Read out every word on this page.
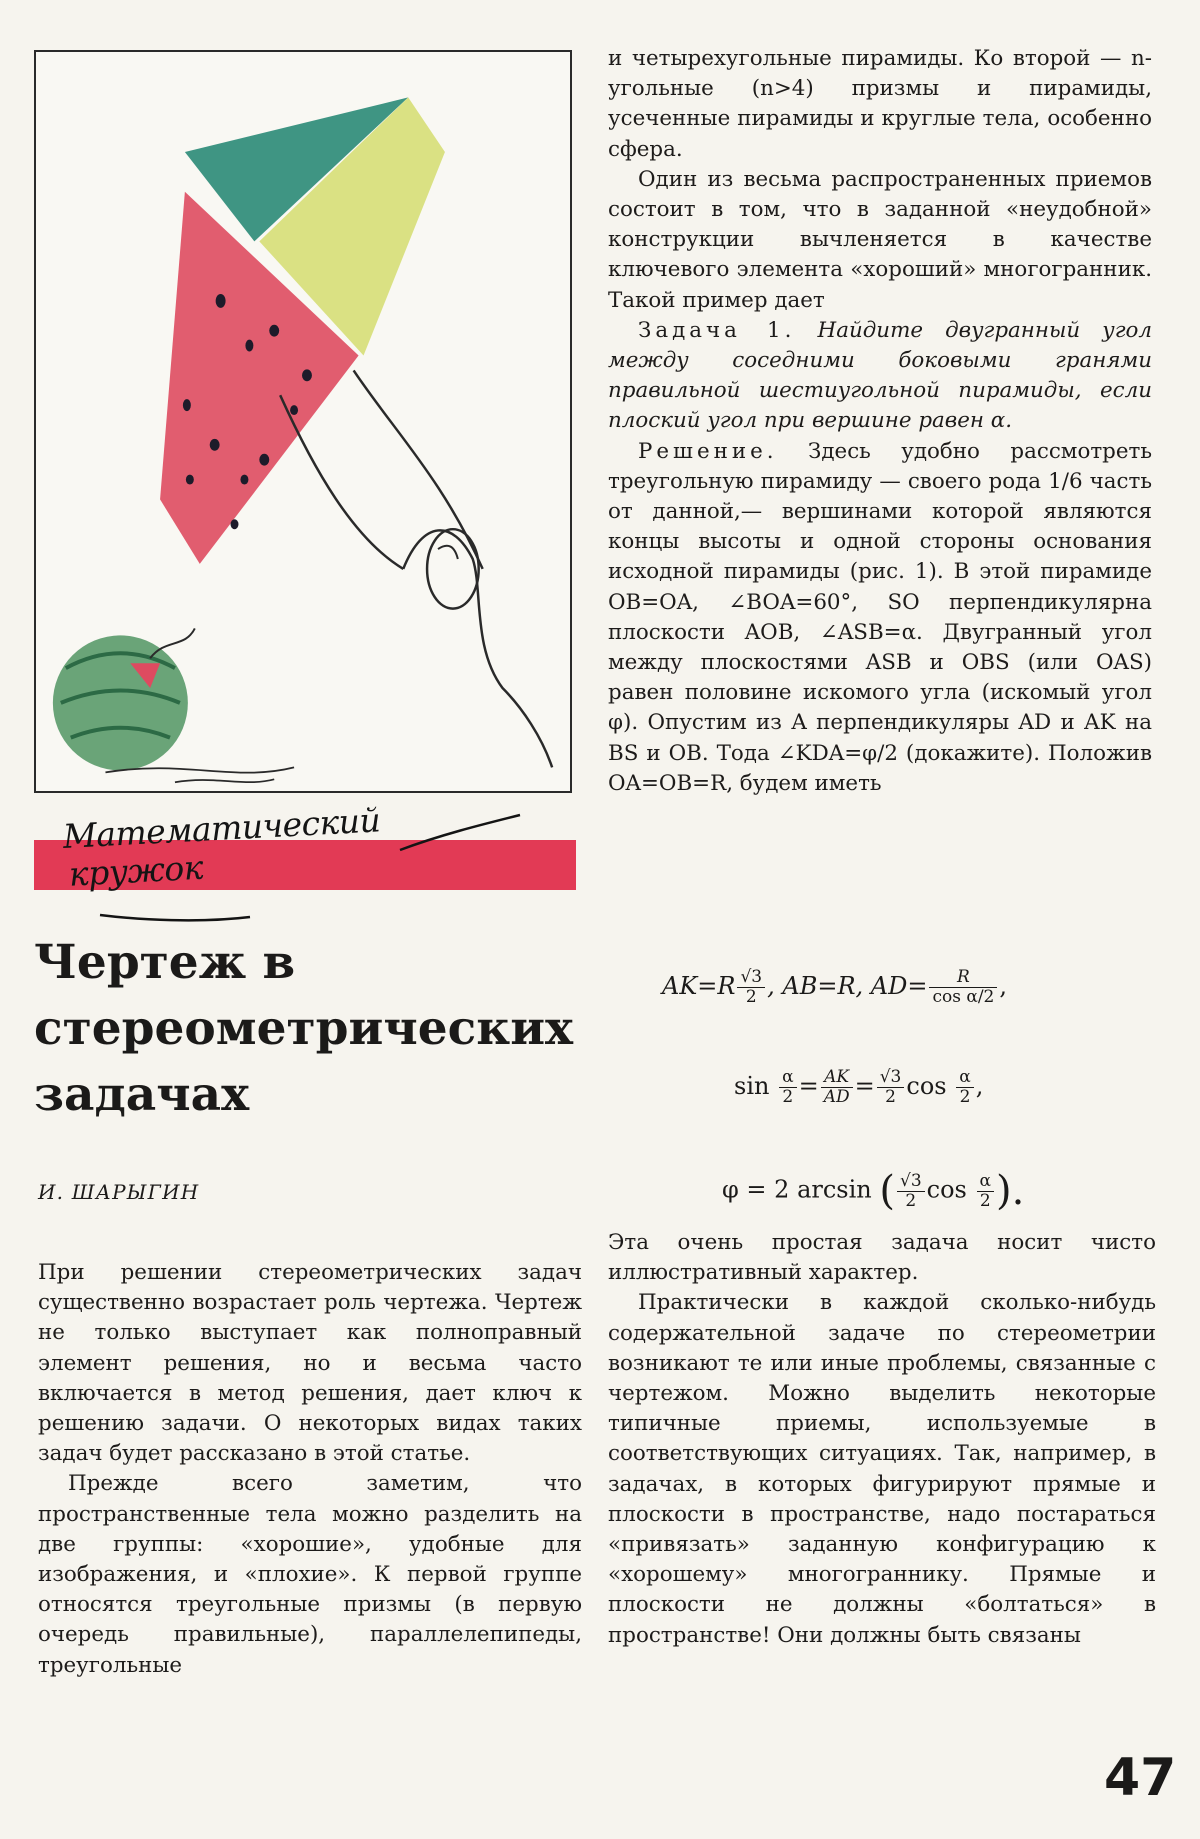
Математический
кружок
Чертеж в
стереометрических
задачах
И. ШАРЫГИН

При решении стереометрических задач существенно возрастает роль чертежа. Чертеж не только выступает как полноправный элемент решения, но и весьма часто включается в метод решения, дает ключ к решению задачи. О некоторых видах таких задач будет рассказано в этой статье.

Прежде всего заметим, что пространственные тела можно разделить на две группы: «хорошие», удобные для изображения, и «плохие». К первой группе относятся треугольные призмы (в первую очередь правильные), параллелепипеды, треугольные

и четырехугольные пирамиды. Ко второй — n-угольные (n>4) призмы и пирамиды, усеченные пирамиды и круглые тела, особенно сфера.

Один из весьма распространенных приемов состоит в том, что в заданной «неудобной» конструкции вычленяется в качестве ключевого элемента «хороший» многогранник. Такой пример дает

Задача 1. Найдите двугранный угол между соседними боковыми гранями правильной шестиугольной пирамиды, если плоский угол при вершине равен α.

Решение. Здесь удобно рассмотреть треугольную пирамиду — своего рода 1/6 часть от данной,— вершинами которой являются концы высоты и одной стороны основания исходной пирамиды (рис. 1). В этой пирамиде OB=OA, ∠BOA=60°, SO перпендикулярна плоскости AOB, ∠ASB=α. Двугранный угол между плоскостями ASB и OBS (или OAS) равен половине искомого угла (искомый угол φ). Опустим из A перпендикуляры AD и AK на BS и OB. Тода ∠KDA=φ/2 (докажите). Положив OA=OB=R, будем иметь

$AK=R \frac{√3}{2}$ , AB=R, $AD= \frac{R}{\text{cos α/2}}$ ,
$\sin \frac{\alpha}{2} = \frac{AK}{AD} = \frac{√3}{2}$ $\cos \frac{\alpha}{2}$ ,
φ = 2 arcsin ( $\frac{√3}{2}$ $\cos \frac{\alpha}{2}$ ).

Эта очень простая задача носит чисто иллюстративный характер.

Практически в каждой сколько-нибудь содержательной задаче по стереометрии возникают те или иные проблемы, связанные с чертежом. Можно выделить некоторые типичные приемы, используемые в соответствующих ситуациях. Так, например, в задачах, в которых фигурируют прямые и плоскости в пространстве, надо постараться «привязать» заданную конфигурацию к «хорошему» многограннику. Прямые и плоскости не должны «болтаться» в пространстве! Они должны быть связаны

47
